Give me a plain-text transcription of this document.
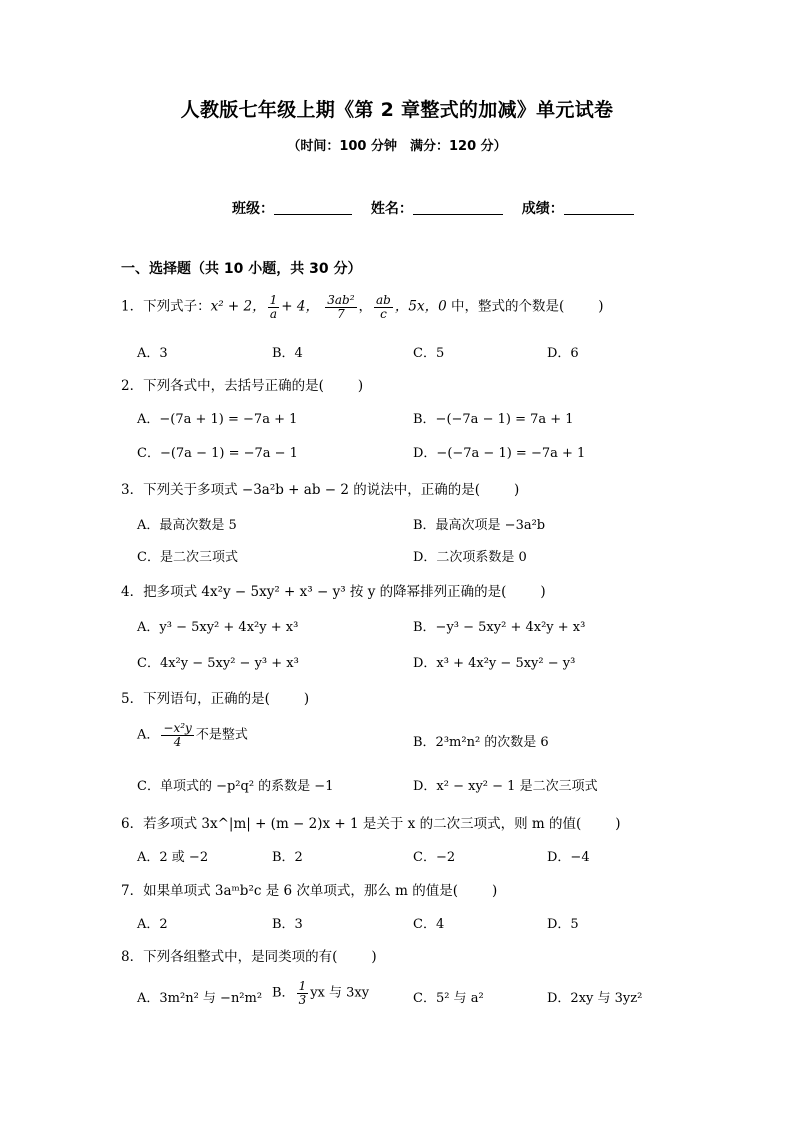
人教版七年级上期《第 2 章整式的加减》单元试卷
（时间：100 分钟　满分：120 分）
班级：	姓名：	成绩：
一、选择题（共 10 小题，共 30 分）
1．下列式子：x² + 2， $\frac{1}{a} + 4$， $\frac{\text{3ab²}}{7}$ ， $\frac{ab}{c}$ ，5x，0 中，整式的个数是(	)
A．3	B．4	C．5	D．6
2．下列各式中，去括号正确的是(	)
A．−(7a + 1) = −7a + 1	B．−(−7a − 1) = 7a + 1
C．−(7a − 1) = −7a − 1	D．−(−7a − 1) = −7a + 1
3．下列关于多项式 −3a²b + ab − 2 的说法中，正确的是(	)
A．最高次数是 5	B．最高次项是 −3a²b
C．是二次三项式	D．二次项系数是 0
4．把多项式 4x²y − 5xy² + x³ − y³ 按 y 的降幂排列正确的是(	)
A．y³ − 5xy² + 4x²y + x³	B．−y³ − 5xy² + 4x²y + x³
C．4x²y − 5xy² − y³ + x³	D．x³ + 4x²y − 5xy² − y³
5．下列语句，正确的是(	)
A． $\frac{\text{−x²y}}{4}$ 不是整式	B．2³m²n² 的次数是 6
C．单项式的 −p²q² 的系数是 −1	D．x² − xy² − 1 是二次三项式
6．若多项式 3x^|m| + (m − 2)x + 1 是关于 x 的二次三项式，则 m 的值(	)
A．2 或 −2	B．2	C．−2	D．−4
7．如果单项式 3aᵐb²c 是 6 次单项式，那么 m 的值是(	)
A．2	B．3	C．4	D．5
8．下列各组整式中，是同类项的有(	)
A．3m²n² 与 −n²m² B． $\frac{1}{3}$ yx 与 3xy	C．5² 与 a²	D．2xy 与 3yz²
